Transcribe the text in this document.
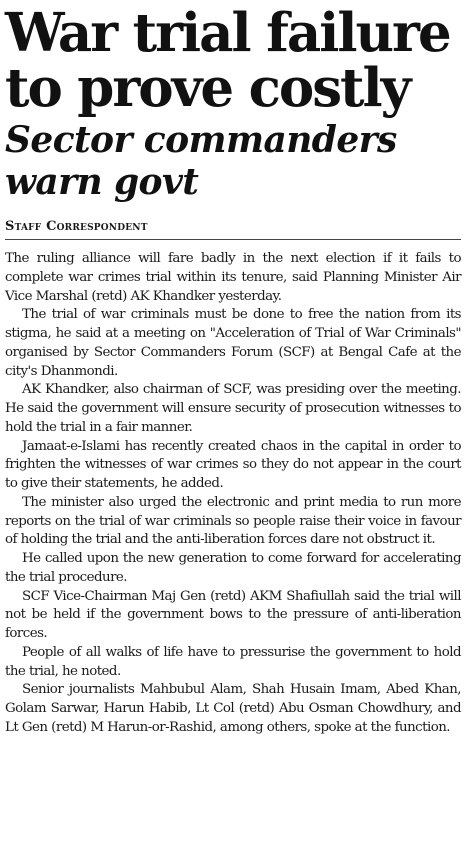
War trial failure to prove costly
Sector commanders warn govt
Staff Correspondent

The ruling alliance will fare badly in the next election if it fails to complete war crimes trial within its tenure, said Planning Minister Air Vice Marshal (retd) AK Khandker yesterday.

The trial of war criminals must be done to free the nation from its stigma, he said at a meeting on "Acceleration of Trial of War Criminals" organised by Sector Commanders Forum (SCF) at Bengal Cafe at the city's Dhanmondi.

AK Khandker, also chairman of SCF, was presiding over the meeting. He said the government will ensure security of prosecution witnesses to hold the trial in a fair manner.

Jamaat-e-Islami has recently created chaos in the capital in order to frighten the witnesses of war crimes so they do not appear in the court to give their statements, he added.

The minister also urged the electronic and print media to run more reports on the trial of war criminals so people raise their voice in favour of holding the trial and the anti-liberation forces dare not obstruct it.

He called upon the new generation to come forward for accelerating the trial procedure.

SCF Vice-Chairman Maj Gen (retd) AKM Shafiullah said the trial will not be held if the government bows to the pressure of anti-liberation forces.

People of all walks of life have to pressurise the government to hold the trial, he noted.

Senior journalists Mahbubul Alam, Shah Husain Imam, Abed Khan, Golam Sarwar, Harun Habib, Lt Col (retd) Abu Osman Chowdhury, and Lt Gen (retd) M Harun-or-Rashid, among others, spoke at the function.
